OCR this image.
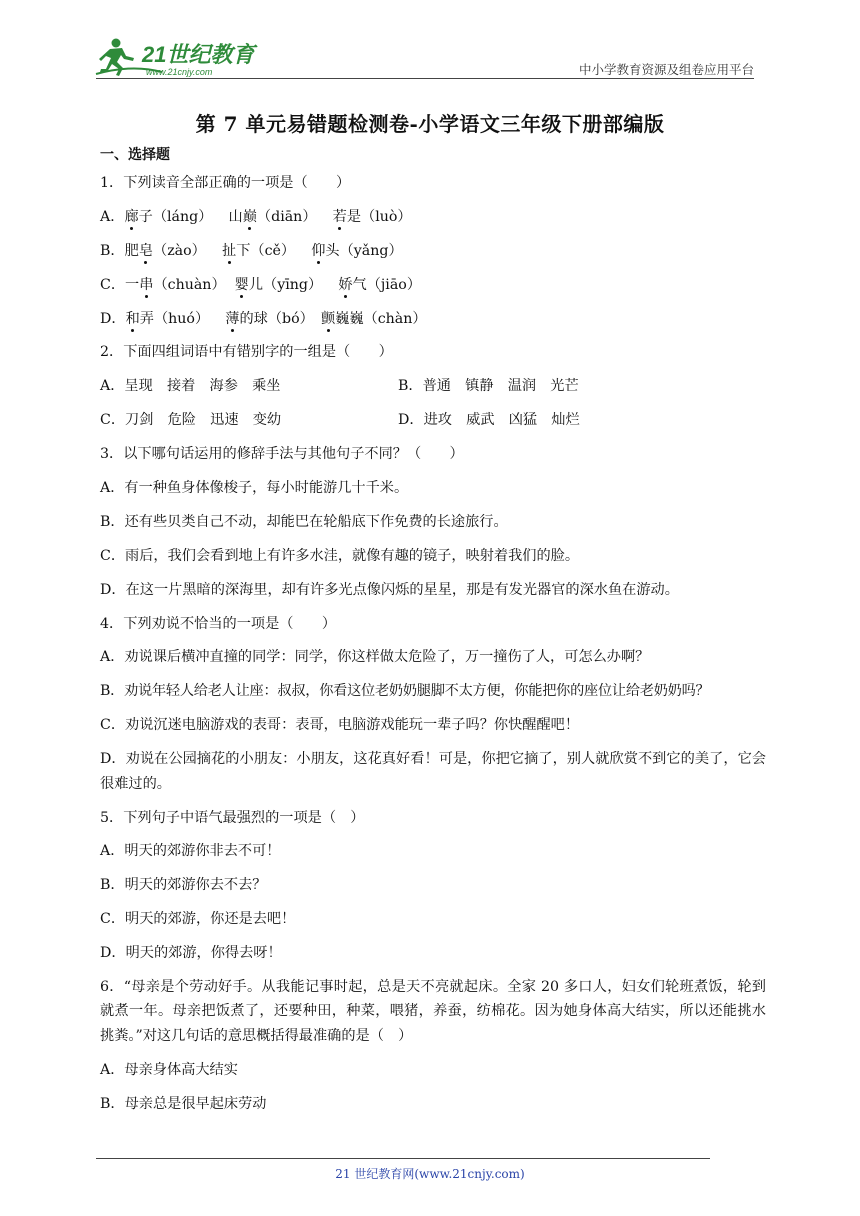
21世纪教育
www.21cnjy.com	中小学教育资源及组卷应用平台
第 7 单元易错题检测卷-小学语文三年级下册部编版
一、选择题
1．下列读音全部正确的一项是（　　）
A．廊子（láng）　  山巅（diān）　  若是（luò）
B．肥皂（zào）　  扯下（cě）　  仰头（yǎng）
C．一串（chuàn）  婴儿（yīng）　  娇气（jiāo）
D．和弄（huó）　  薄的球（bó）　颤巍巍（chàn）
2．下面四组词语中有错别字的一组是（　　）
A．呈现　接着　海参　乘坐	B．普通　镇静　温润　光芒
C．刀剑　危险　迅速　变幼	D．进攻　威武　凶猛　灿烂
3．以下哪句话运用的修辞手法与其他句子不同？（　　）
A．有一种鱼身体像梭子，每小时能游几十千米。
B．还有些贝类自己不动，却能巴在轮船底下作免费的长途旅行。
C．雨后，我们会看到地上有许多水洼，就像有趣的镜子，映射着我们的脸。
D．在这一片黑暗的深海里，却有许多光点像闪烁的星星，那是有发光器官的深水鱼在游动。
4．下列劝说不恰当的一项是（　　）
A．劝说课后横冲直撞的同学：同学，你这样做太危险了，万一撞伤了人，可怎么办啊？
B．劝说年轻人给老人让座：叔叔，你看这位老奶奶腿脚不太方便，你能把你的座位让给老奶奶吗？
C．劝说沉迷电脑游戏的表哥：表哥，电脑游戏能玩一辈子吗？你快醒醒吧！
D．劝说在公园摘花的小朋友：小朋友，这花真好看！可是，你把它摘了，别人就欣赏不到它的美了，它会很难过的。
5．下列句子中语气最强烈的一项是（　）
A．明天的郊游你非去不可！
B．明天的郊游你去不去？
C．明天的郊游，你还是去吧！
D．明天的郊游，你得去呀！
6．“母亲是个劳动好手。从我能记事时起，总是天不亮就起床。全家 20 多口人，妇女们轮班煮饭，轮到就煮一年。母亲把饭煮了，还要种田，种菜，喂猪，养蚕，纺棉花。因为她身体高大结实，所以还能挑水挑粪。”对这几句话的意思概括得最准确的是（　）
A．母亲身体高大结实
B．母亲总是很早起床劳动
21 世纪教育网(www.21cnjy.com)
